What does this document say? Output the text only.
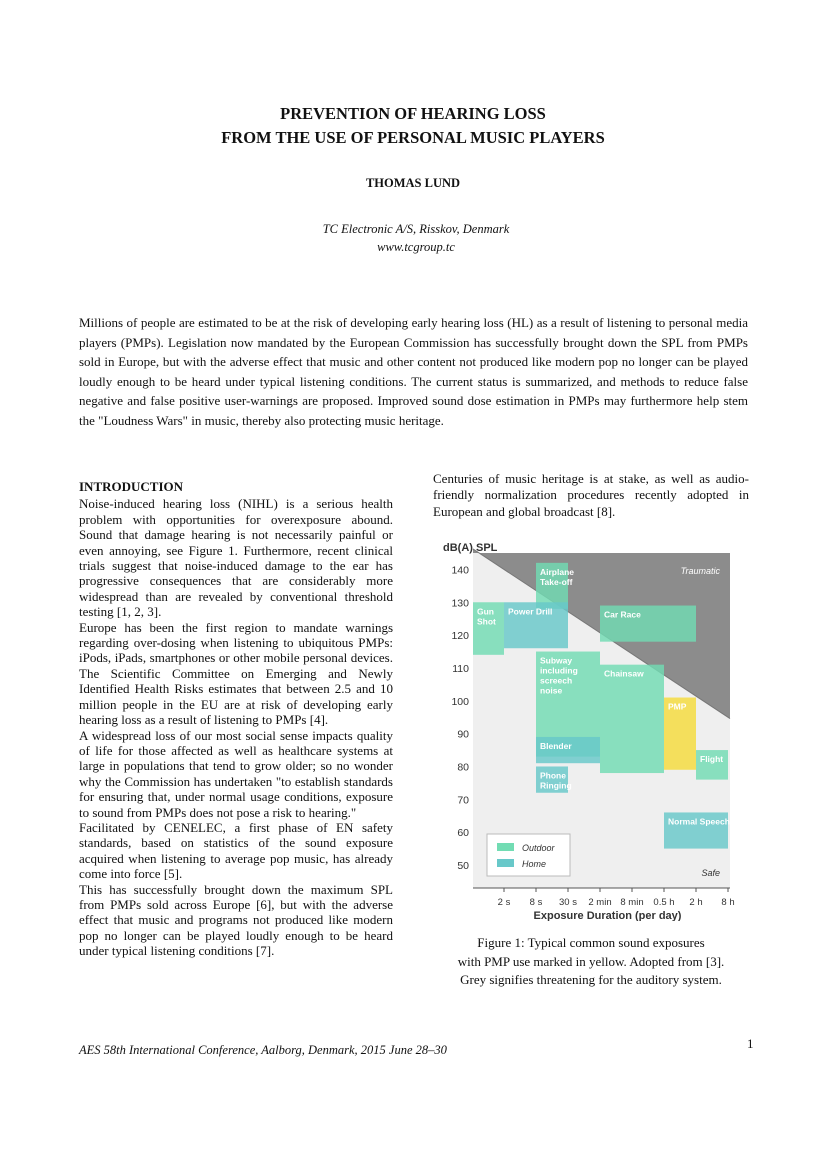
PREVENTION OF HEARING LOSS
FROM THE USE OF PERSONAL MUSIC PLAYERS
THOMAS LUND
TC Electronic A/S, Risskov, Denmark
www.tcgroup.tc

Millions of people are estimated to be at the risk of developing early hearing loss (HL) as a result of listening to personal media players (PMPs). Legislation now mandated by the European Commission has successfully brought down the SPL from PMPs sold in Europe, but with the adverse effect that music and other content not produced like modern pop no longer can be played loudly enough to be heard under typical listening conditions. The current status is summarized, and methods to reduce false negative and false positive user-warnings are proposed. Improved sound dose estimation in PMPs may furthermore help stem the "Loudness Wars" in music, thereby also protecting music heritage.

INTRODUCTION

Noise-induced hearing loss (NIHL) is a serious health problem with opportunities for overexposure abound. Sound that damage hearing is not necessarily painful or even annoying, see Figure 1. Furthermore, recent clinical trials suggest that noise-induced damage to the ear has progressive consequences that are considerably more widespread than are revealed by conventional threshold testing [1, 2, 3].

Europe has been the first region to mandate warnings regarding over-dosing when listening to ubiquitous PMPs: iPods, iPads, smartphones or other mobile personal devices. The Scientific Committee on Emerging and Newly Identified Health Risks estimates that between 2.5 and 10 million people in the EU are at risk of developing early hearing loss as a result of listening to PMPs [4].

A widespread loss of our most social sense impacts quality of life for those affected as well as healthcare systems at large in populations that tend to grow older; so no wonder why the Commission has undertaken "to establish standards for ensuring that, under normal usage conditions, exposure to sound from PMPs does not pose a risk to hearing."

Facilitated by CENELEC, a first phase of EN safety standards, based on statistics of the sound exposure acquired when listening to average pop music, has already come into force [5].

This has successfully brought down the maximum SPL from PMPs sold across Europe [6], but with the adverse effect that music and programs not produced like modern pop no longer can be played loudly enough to be heard under typical listening conditions [7].

Centuries of music heritage is at stake, as well as audio-friendly normalization procedures recently adopted in European and global broadcast [8].

Airplane Take-off
Gun Shot
Power Drill	Car Race
Subway including screech noise
Chainsaw
PMP
Blender
Flight
Phone Ringing
Normal Speech
Traumatic
Safe
Outdoor
Home
dB(A) SPL
50
60
70
80
90
100
110
120
130
140
2 s 8 s 30 s 2 min 8 min 0.5 h 2 h 8 h
Exposure Duration (per day)
Figure 1: Typical common sound exposures
with PMP use marked in yellow. Adopted from [3].
Grey signifies threatening for the auditory system.
AES 58th International Conference, Aalborg, Denmark, 2015 June 28–30	1
